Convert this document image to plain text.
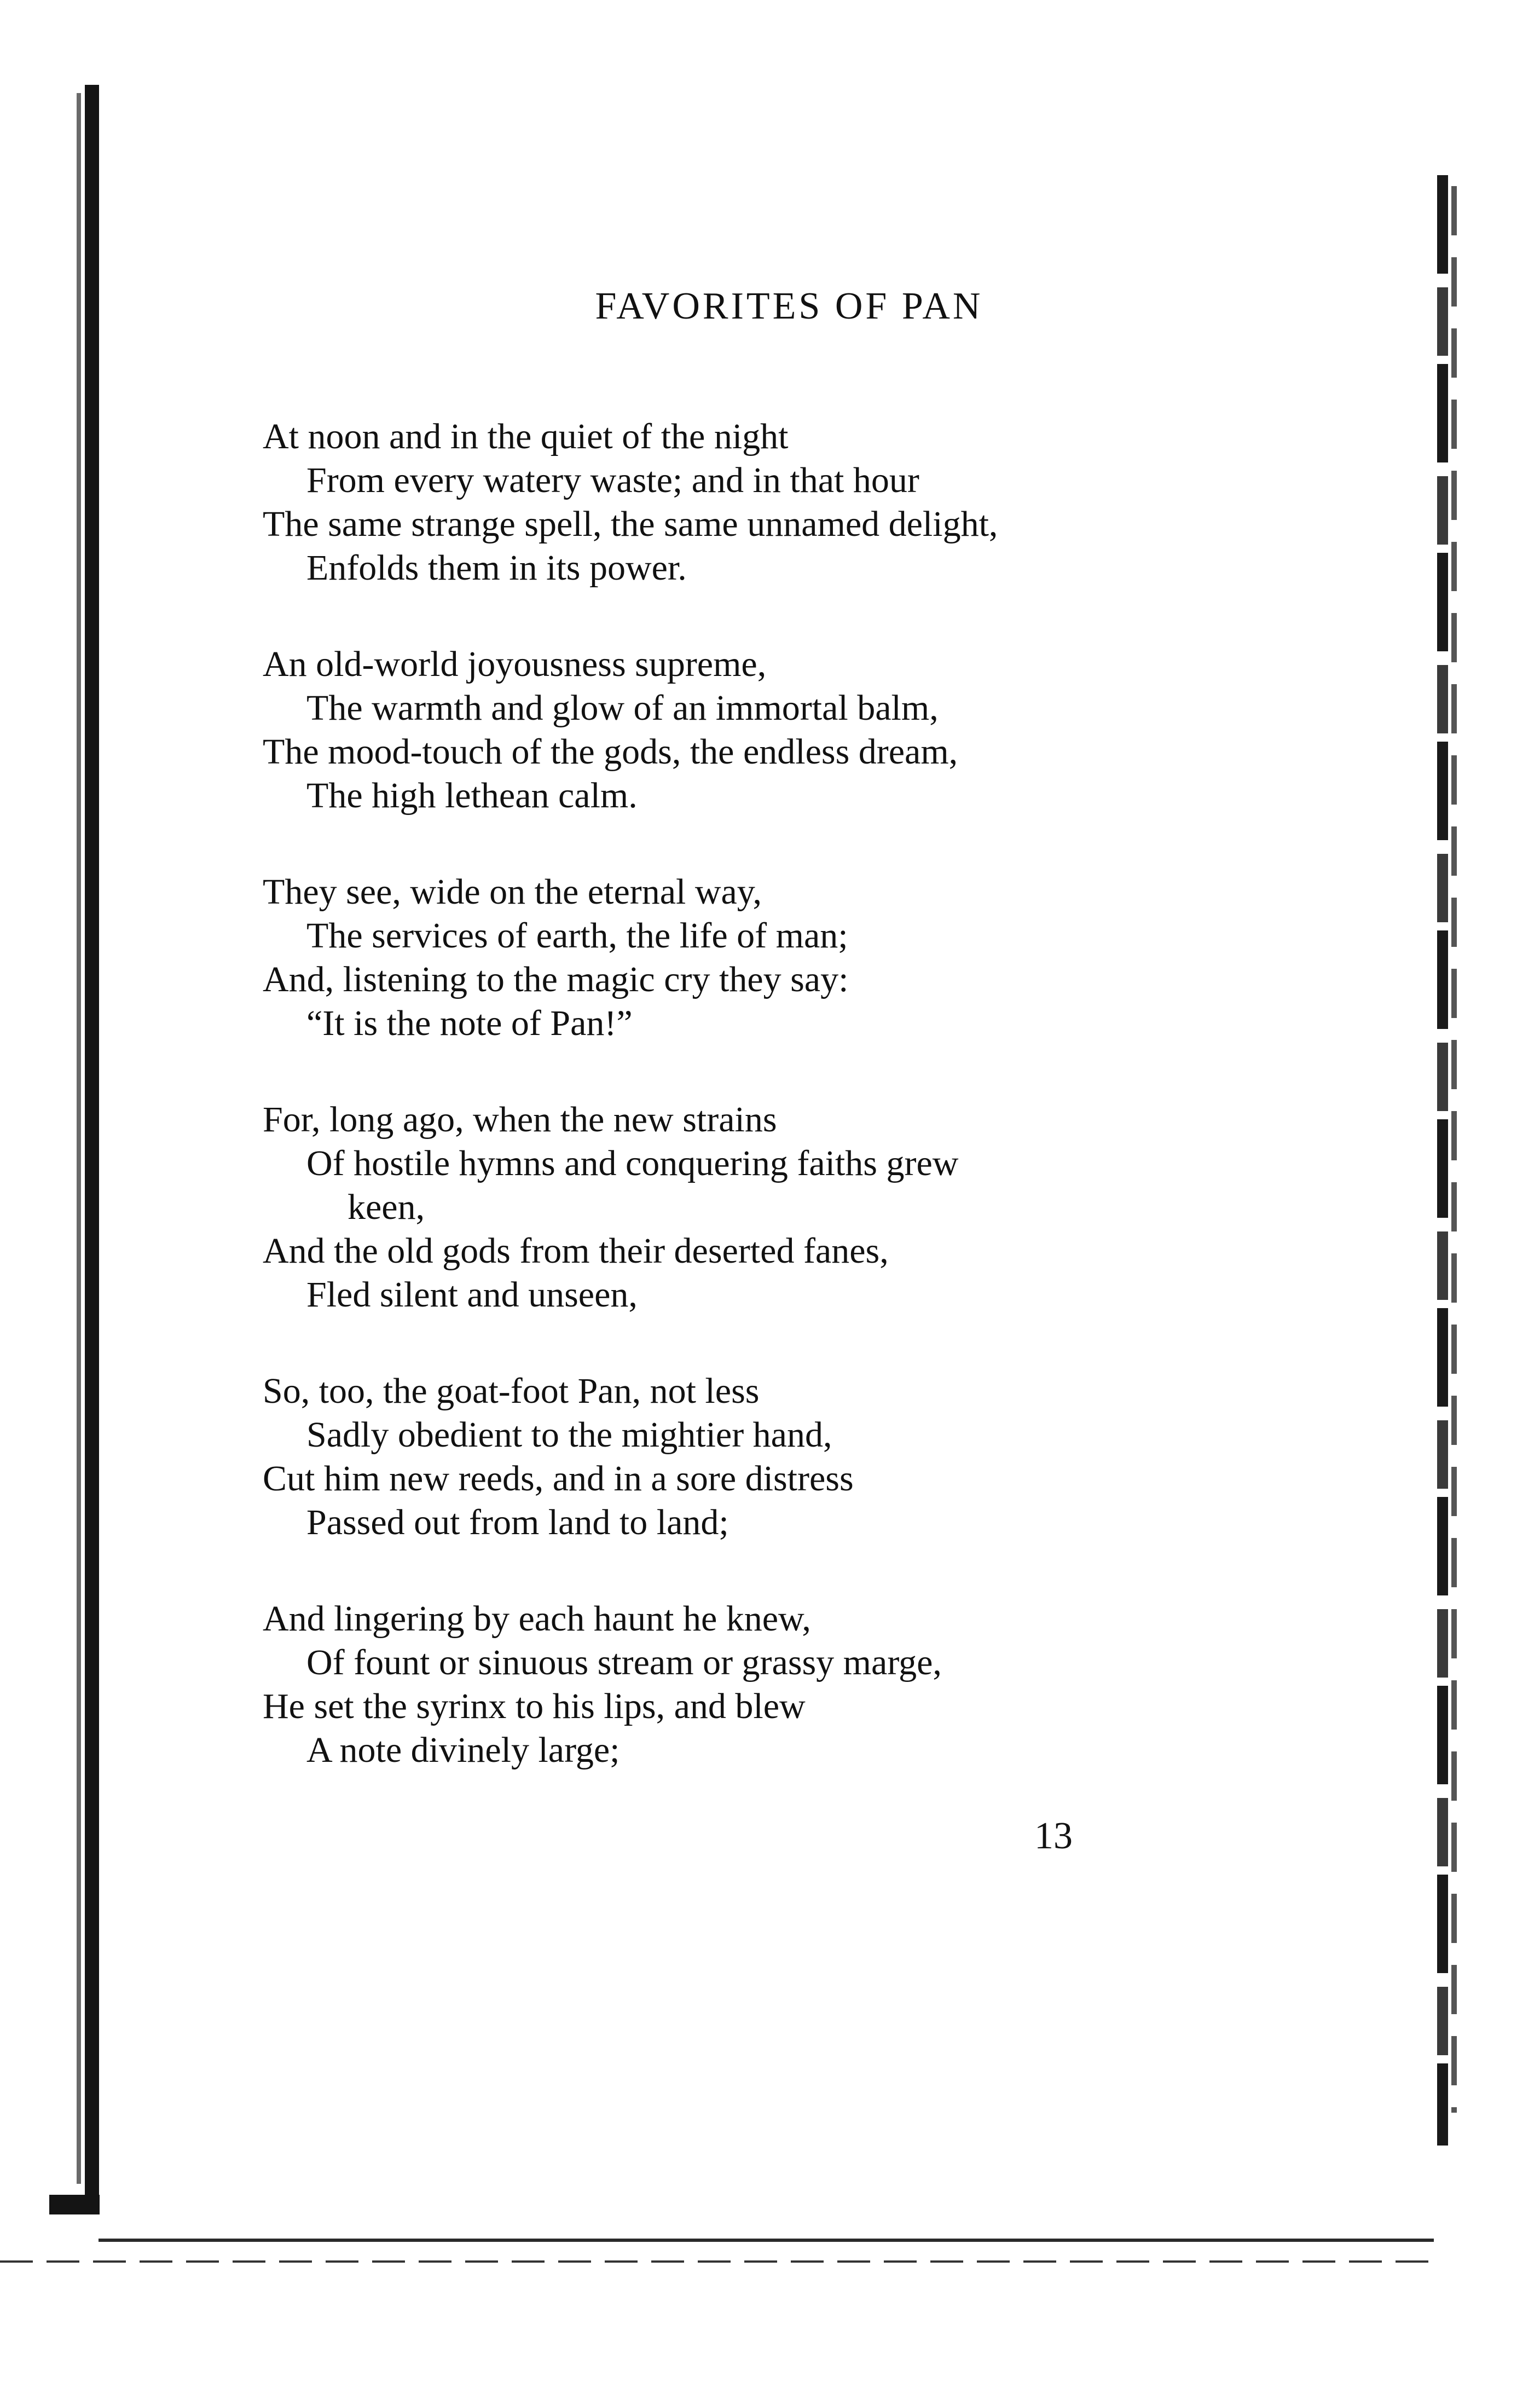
FAVORITES OF PAN
At noon and in the quiet of the night
From every watery waste; and in that hour
The same strange spell, the same unnamed delight,
Enfolds them in its power.
An old-world joyousness supreme,
The warmth and glow of an immortal balm,
The mood-touch of the gods, the endless dream,
The high lethean calm.
They see, wide on the eternal way,
The services of earth, the life of man;
And, listening to the magic cry they say:
“It is the note of Pan!”
For, long ago, when the new strains
Of hostile hymns and conquering faiths grew
keen,
And the old gods from their deserted fanes,
Fled silent and unseen,
So, too, the goat-foot Pan, not less
Sadly obedient to the mightier hand,
Cut him new reeds, and in a sore distress
Passed out from land to land;
And lingering by each haunt he knew,
Of fount or sinuous stream or grassy marge,
He set the syrinx to his lips, and blew
A note divinely large;
13
